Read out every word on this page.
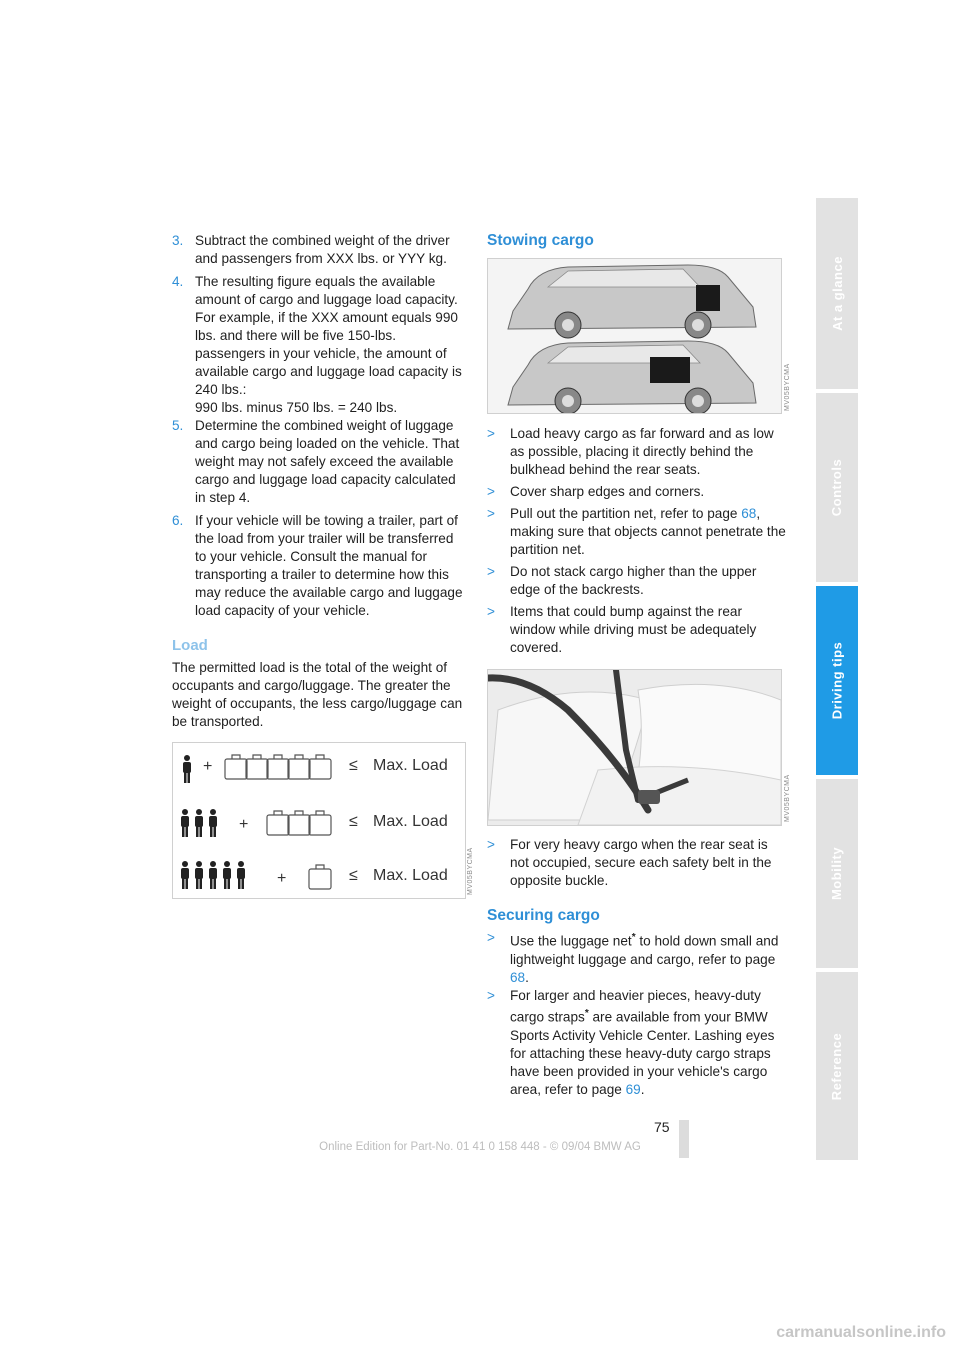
At a glance
Controls
Driving tips
Mobility
Reference
3. Subtract the combined weight of the driver and passengers from XXX lbs. or YYY kg.
4. The resulting figure equals the available amount of cargo and luggage load capacity. For example, if the XXX amount equals 990 lbs. and there will be five 150-lbs. passengers in your vehicle, the amount of available cargo and luggage load capacity is 240 lbs.:
990 lbs. minus 750 lbs. = 240 lbs.
5. Determine the combined weight of luggage and cargo being loaded on the vehicle. That weight may not safely exceed the available cargo and luggage load capacity calculated in step 4.
6. If your vehicle will be towing a trailer, part of the load from your trailer will be transferred to your vehicle. Consult the manual for transporting a trailer to determine how this may reduce the available cargo and luggage load capacity of your vehicle.
Load
The permitted load is the total of the weight of occupants and cargo/luggage. The greater the weight of occupants, the less cargo/luggage can be transported.
+	≤ Max. Load
+	≤ Max. Load
+	≤ Max. Load	MV05BYCMA
Stowing cargo
MV05BYCMA
> Load heavy cargo as far forward and as low as possible, placing it directly behind the bulkhead behind the rear seats.
> Cover sharp edges and corners.
> Pull out the partition net, refer to page 68, making sure that objects cannot penetrate the partition net.
> Do not stack cargo higher than the upper edge of the backrests.
> Items that could bump against the rear window while driving must be adequately covered.
MV05BYCMA
> For very heavy cargo when the rear seat is not occupied, secure each safety belt in the opposite buckle.
Securing cargo
> Use the luggage net* to hold down small and lightweight luggage and cargo, refer to page 68.
> For larger and heavier pieces, heavy-duty cargo straps* are available from your BMW Sports Activity Vehicle Center. Lashing eyes for attaching these heavy-duty cargo straps have been provided in your vehicle's cargo area, refer to page 69.
75
Online Edition for Part-No. 01 41 0 158 448 - © 09/04 BMW AG
carmanualsonline.info
